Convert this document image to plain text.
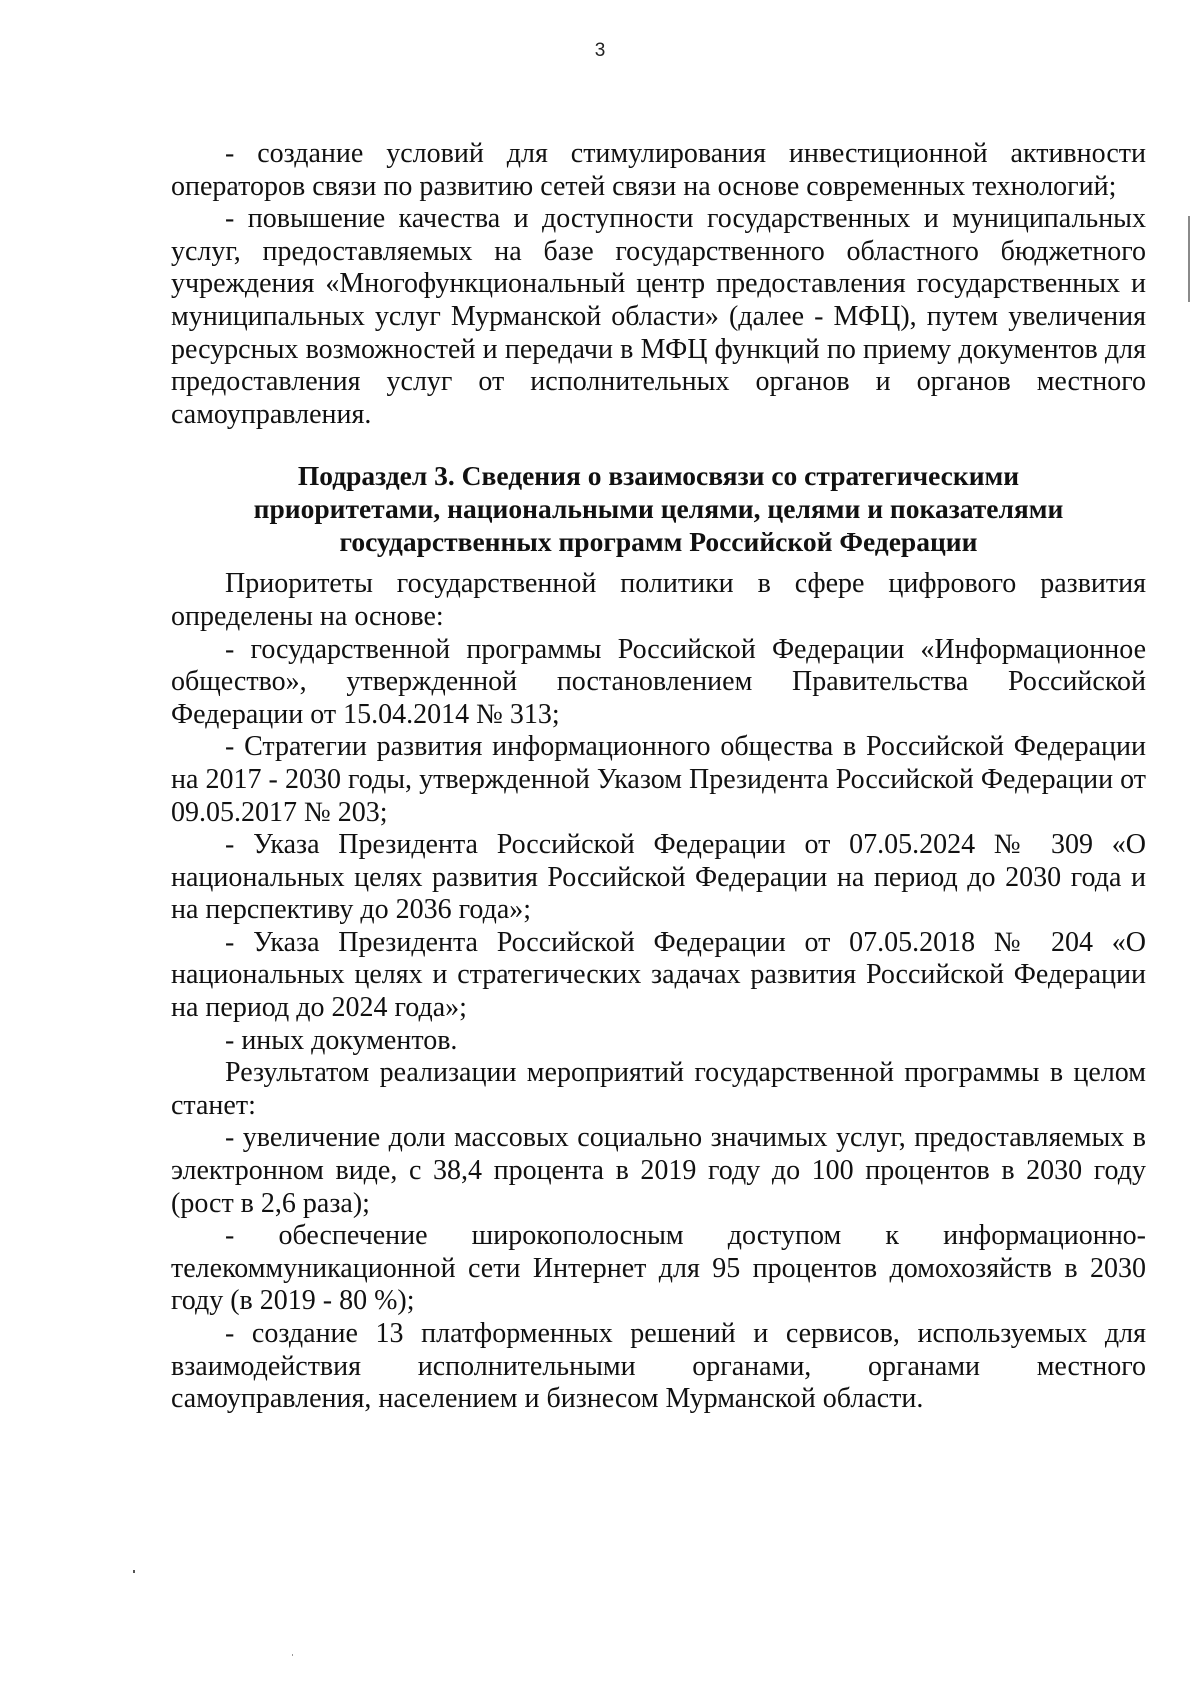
3

- создание условий для стимулирования инвестиционной активности операторов связи по развитию сетей связи на основе современных технологий;

- повышение качества и доступности государственных и муниципальных услуг, предоставляемых на базе государственного областного бюджетного учреждения «Многофункциональный центр предоставления государственных и муниципальных услуг Мурманской области» (далее - МФЦ), путем увеличения ресурсных возможностей и передачи в МФЦ функций по приему документов для предоставления услуг от исполнительных органов и органов местного самоуправления.

Подраздел 3. Сведения о взаимосвязи со стратегическими
приоритетами, национальными целями, целями и показателями
государственных программ Российской Федерации

Приоритеты государственной политики в сфере цифрового развития определены на основе:

- государственной программы Российской Федерации «Информационное общество», утвержденной постановлением Правительства Российской Федерации от 15.04.2014 № 313;

- Стратегии развития информационного общества в Российской Федерации на 2017 - 2030 годы, утвержденной Указом Президента Российской Федерации от 09.05.2017 № 203;

- Указа Президента Российской Федерации от 07.05.2024 № 309 «О национальных целях развития Российской Федерации на период до 2030 года и на перспективу до 2036 года»;

- Указа Президента Российской Федерации от 07.05.2018 № 204 «О национальных целях и стратегических задачах развития Российской Федерации на период до 2024 года»;

- иных документов.

Результатом реализации мероприятий государственной программы в целом станет:

- увеличение доли массовых социально значимых услуг, предоставляемых в электронном виде, с 38,4 процента в 2019 году до 100 процентов в 2030 году (рост в 2,6 раза);

- обеспечение широкополосным доступом к информационно-телекоммуникационной сети Интернет для 95 процентов домохозяйств в 2030 году (в 2019 - 80 %);

- создание 13 платформенных решений и сервисов, используемых для взаимодействия исполнительными органами, органами местного самоуправления, населением и бизнесом Мурманской области.
